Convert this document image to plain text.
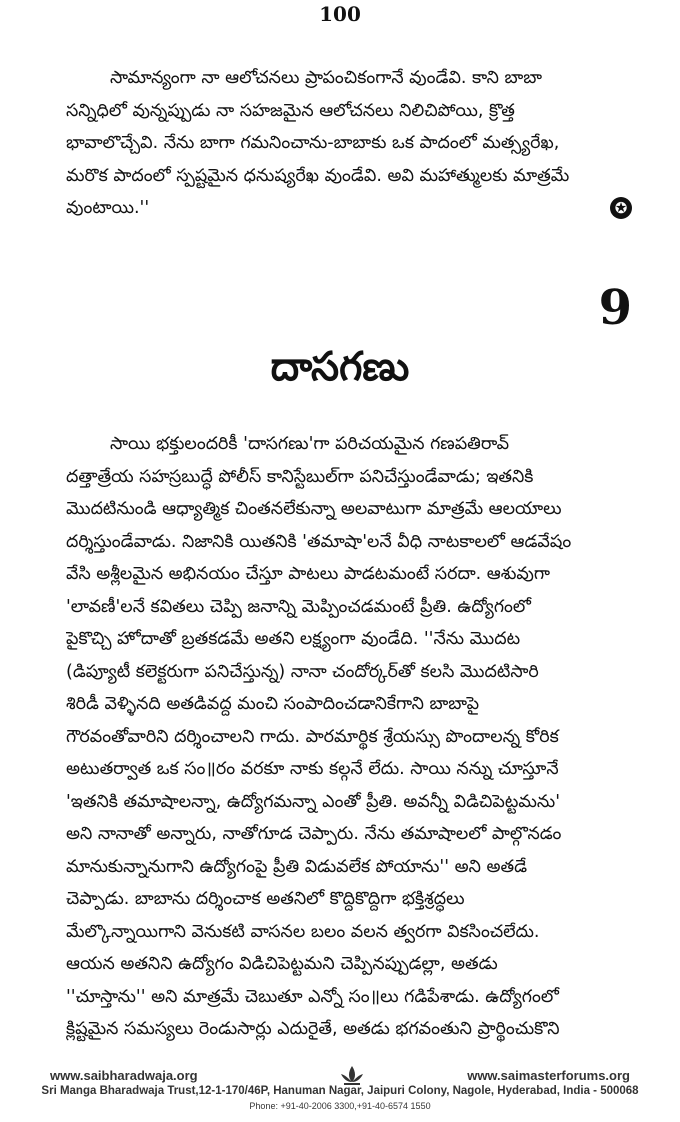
100
సామాన్యంగా నా ఆలోచనలు ప్రాపంచికంగానే వుండేవి. కాని బాబా
సన్నిధిలో వున్నప్పుడు నా సహజమైన ఆలోచనలు నిలిచిపోయి, క్రొత్త
భావాలొచ్చేవి. నేను బాగా గమనించాను-బాబాకు ఒక పాదంలో మత్స్యరేఖ,
మరొక పాదంలో స్పష్టమైన ధనుష్యరేఖ వుండేవి. అవి మహాత్ములకు మాత్రమే
వుంటాయి.''	✪
9
దాసగణు
సాయి భక్తులందరికీ 'దాసగణు'గా పరిచయమైన గణపతిరావ్
దత్తాత్రేయ సహస్రబుద్ధే పోలీస్ కానిస్టేబుల్‌గా పనిచేస్తుండేవాడు; ఇతనికి
మొదటినుండి ఆధ్యాత్మిక చింతనలేకున్నా అలవాటుగా మాత్రమే ఆలయాలు
దర్శిస్తుండేవాడు. నిజానికి యితనికి 'తమాషా'లనే వీధి నాటకాలలో ఆడవేషం
వేసి అశ్లీలమైన అభినయం చేస్తూ పాటలు పాడటమంటే సరదా. ఆశువుగా
'లావణీ'లనే కవితలు చెప్పి జనాన్ని మెప్పించడమంటే ప్రీతి. ఉద్యోగంలో
పైకొచ్చి హోదాతో బ్రతకడమే అతని లక్ష్యంగా వుండేది. ''నేను మొదట
(డిప్యూటీ కలెక్టరుగా పనిచేస్తున్న) నానా చందోర్కర్‌తో కలసి మొదటిసారి
శిరిడీ వెళ్ళినది అతడివద్ద మంచి సంపాదించడానికేగాని బాబాపై
గౌరవంతోవారిని దర్శించాలని గాదు. పారమార్థిక శ్రేయస్సు పొందాలన్న కోరిక
అటుతర్వాత ఒక సం॥రం వరకూ నాకు కల్గనే లేదు. సాయి నన్ను చూస్తూనే
'ఇతనికి తమాషాలన్నా, ఉద్యోగమన్నా ఎంతో ప్రీతి. అవన్నీ విడిచిపెట్టమను'
అని నానాతో అన్నారు, నాతోగూడ చెప్పారు. నేను తమాషాలలో పాల్గొనడం
మానుకున్నానుగాని ఉద్యోగంపై ప్రీతి విడువలేక పోయాను'' అని అతడే
చెప్పాడు. బాబాను దర్శించాక అతనిలో కొద్దికొద్దిగా భక్తిశ్రద్ధలు
మేల్కొన్నాయిగాని వెనుకటి వాసనల బలం వలన త్వరగా వికసించలేదు.
ఆయన అతనిని ఉద్యోగం విడిచిపెట్టమని చెప్పినప్పుడల్లా, అతడు
''చూస్తాను'' అని మాత్రమే చెబుతూ ఎన్నో సం॥లు గడిపేశాడు. ఉద్యోగంలో
క్లిష్టమైన సమస్యలు రెండుసార్లు ఎదురైతే, అతడు భగవంతుని ప్రార్థించుకొని
www.saibharadwaja.org	www.saimasterforums.org
Sri Manga Bharadwaja Trust,12-1-170/46P, Hanuman Nagar, Jaipuri Colony, Nagole, Hyderabad, India - 500068
Phone: +91-40-2006 3300,+91-40-6574 1550
